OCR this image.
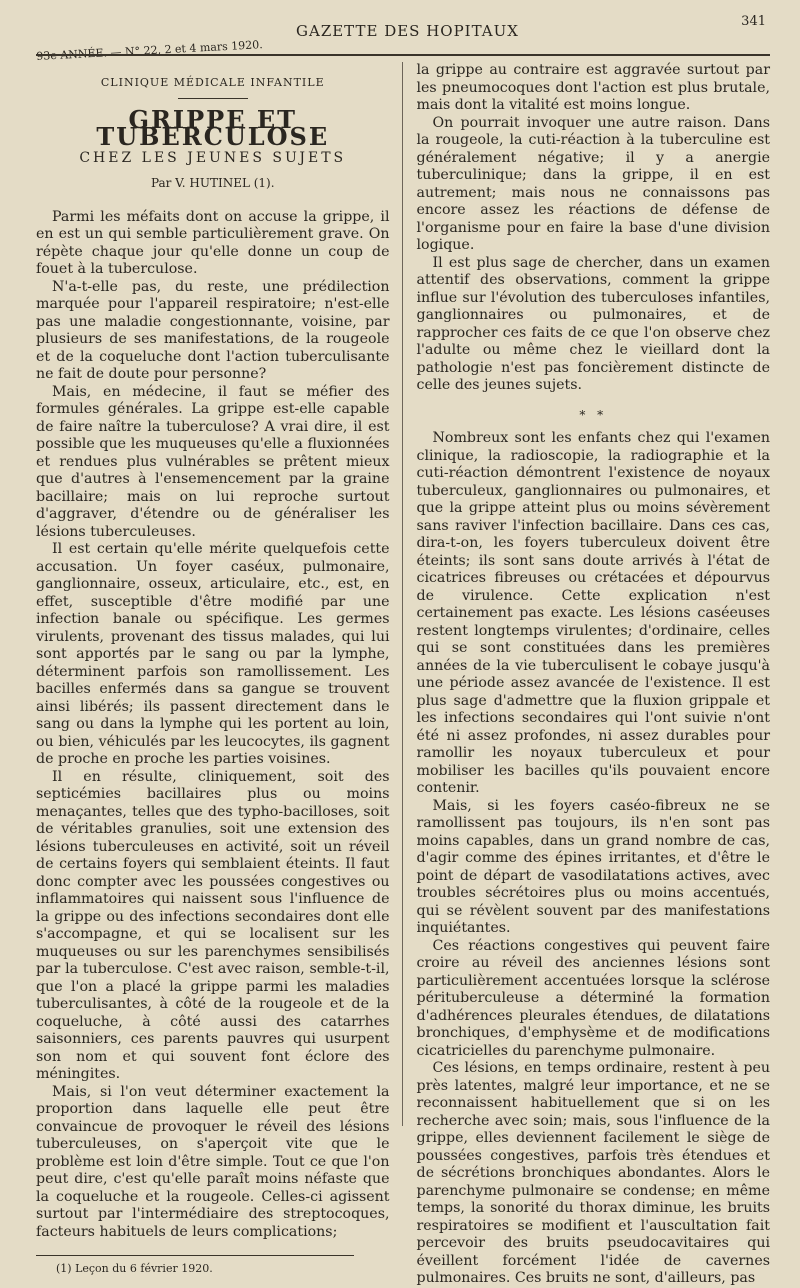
93e ANNÉE. — N° 22, 2 et 4 mars 1920.
GAZETTE DES HOPITAUX
341
CLINIQUE MÉDICALE INFANTILE
GRIPPE ET TUBERCULOSE
CHEZ LES JEUNES SUJETS
Par V. HUTINEL (1).

Parmi les méfaits dont on accuse la grippe, il en est un qui semble particulièrement grave. On répète chaque jour qu'elle donne un coup de fouet à la tuberculose.

N'a-t-elle pas, du reste, une prédilection marquée pour l'appareil respiratoire; n'est-elle pas une maladie congestionnante, voisine, par plusieurs de ses manifestations, de la rougeole et de la coqueluche dont l'action tuberculisante ne fait de doute pour personne?

Mais, en médecine, il faut se méfier des formules générales. La grippe est-elle capable de faire naître la tuberculose? A vrai dire, il est possible que les muqueuses qu'elle a fluxionnées et rendues plus vulnérables se prêtent mieux que d'autres à l'ensemencement par la graine bacillaire; mais on lui reproche surtout d'aggraver, d'étendre ou de généraliser les lésions tuberculeuses.

Il est certain qu'elle mérite quelquefois cette accusation. Un foyer caséux, pulmonaire, ganglionnaire, osseux, articulaire, etc., est, en effet, susceptible d'être modifié par une infection banale ou spécifique. Les germes virulents, provenant des tissus malades, qui lui sont apportés par le sang ou par la lymphe, déterminent parfois son ramollissement. Les bacilles enfermés dans sa gangue se trouvent ainsi libérés; ils passent directement dans le sang ou dans la lymphe qui les portent au loin, ou bien, véhiculés par les leucocytes, ils gagnent de proche en proche les parties voisines.

Il en résulte, cliniquement, soit des septicémies bacillaires plus ou moins menaçantes, telles que des typho-bacilloses, soit de véritables granulies, soit une extension des lésions tuberculeuses en activité, soit un réveil de certains foyers qui semblaient éteints. Il faut donc compter avec les poussées congestives ou inflammatoires qui naissent sous l'influence de la grippe ou des infections secondaires dont elle s'accompagne, et qui se localisent sur les muqueuses ou sur les parenchymes sensibilisés par la tuberculose. C'est avec raison, semble-t-il, que l'on a placé la grippe parmi les maladies tuberculisantes, à côté de la rougeole et de la coqueluche, à côté aussi des catarrhes saisonniers, ces parents pauvres qui usurpent son nom et qui souvent font éclore des méningites.

Mais, si l'on veut déterminer exactement la proportion dans laquelle elle peut être convaincue de provoquer le réveil des lésions tuberculeuses, on s'aperçoit vite que le problème est loin d'être simple. Tout ce que l'on peut dire, c'est qu'elle paraît moins néfaste que la coqueluche et la rougeole. Celles-ci agissent surtout par l'intermédiaire des streptocoques, facteurs habituels de leurs complications;

(1) Leçon du 6 février 1920.

la grippe au contraire est aggravée surtout par les pneumocoques dont l'action est plus brutale, mais dont la vitalité est moins longue.

On pourrait invoquer une autre raison. Dans la rougeole, la cuti-réaction à la tuberculine est généralement négative; il y a anergie tuberculinique; dans la grippe, il en est autrement; mais nous ne connaissons pas encore assez les réactions de défense de l'organisme pour en faire la base d'une division logique.

Il est plus sage de chercher, dans un examen attentif des observations, comment la grippe influe sur l'évolution des tuberculoses infantiles, ganglionnaires ou pulmonaires, et de rapprocher ces faits de ce que l'on observe chez l'adulte ou même chez le vieillard dont la pathologie n'est pas foncièrement distincte de celle des jeunes sujets.

* *

Nombreux sont les enfants chez qui l'examen clinique, la radioscopie, la radiographie et la cuti-réaction démontrent l'existence de noyaux tuberculeux, ganglionnaires ou pulmonaires, et que la grippe atteint plus ou moins sévèrement sans raviver l'infection bacillaire. Dans ces cas, dira-t-on, les foyers tuberculeux doivent être éteints; ils sont sans doute arrivés à l'état de cicatrices fibreuses ou crétacées et dépourvus de virulence. Cette explication n'est certainement pas exacte. Les lésions caséeuses restent longtemps virulentes; d'ordinaire, celles qui se sont constituées dans les premières années de la vie tuberculisent le cobaye jusqu'à une période assez avancée de l'existence. Il est plus sage d'admettre que la fluxion grippale et les infections secondaires qui l'ont suivie n'ont été ni assez profondes, ni assez durables pour ramollir les noyaux tuberculeux et pour mobiliser les bacilles qu'ils pouvaient encore contenir.

Mais, si les foyers caséo-fibreux ne se ramollissent pas toujours, ils n'en sont pas moins capables, dans un grand nombre de cas, d'agir comme des épines irritantes, et d'être le point de départ de vasodilatations actives, avec troubles sécrétoires plus ou moins accentués, qui se révèlent souvent par des manifestations inquiétantes.

Ces réactions congestives qui peuvent faire croire au réveil des anciennes lésions sont particulièrement accentuées lorsque la sclérose pérituberculeuse a déterminé la formation d'adhérences pleurales étendues, de dilatations bronchiques, d'emphysème et de modifications cicatricielles du parenchyme pulmonaire.

Ces lésions, en temps ordinaire, restent à peu près latentes, malgré leur importance, et ne se reconnaissent habituellement que si on les recherche avec soin; mais, sous l'influence de la grippe, elles deviennent facilement le siège de poussées congestives, parfois très étendues et de sécrétions bronchiques abondantes. Alors le parenchyme pulmonaire se condense; en même temps, la sonorité du thorax diminue, les bruits respiratoires se modifient et l'auscultation fait percevoir des bruits pseudocavitaires qui éveillent forcément l'idée de cavernes pulmonaires. Ces bruits ne sont, d'ailleurs, pas
